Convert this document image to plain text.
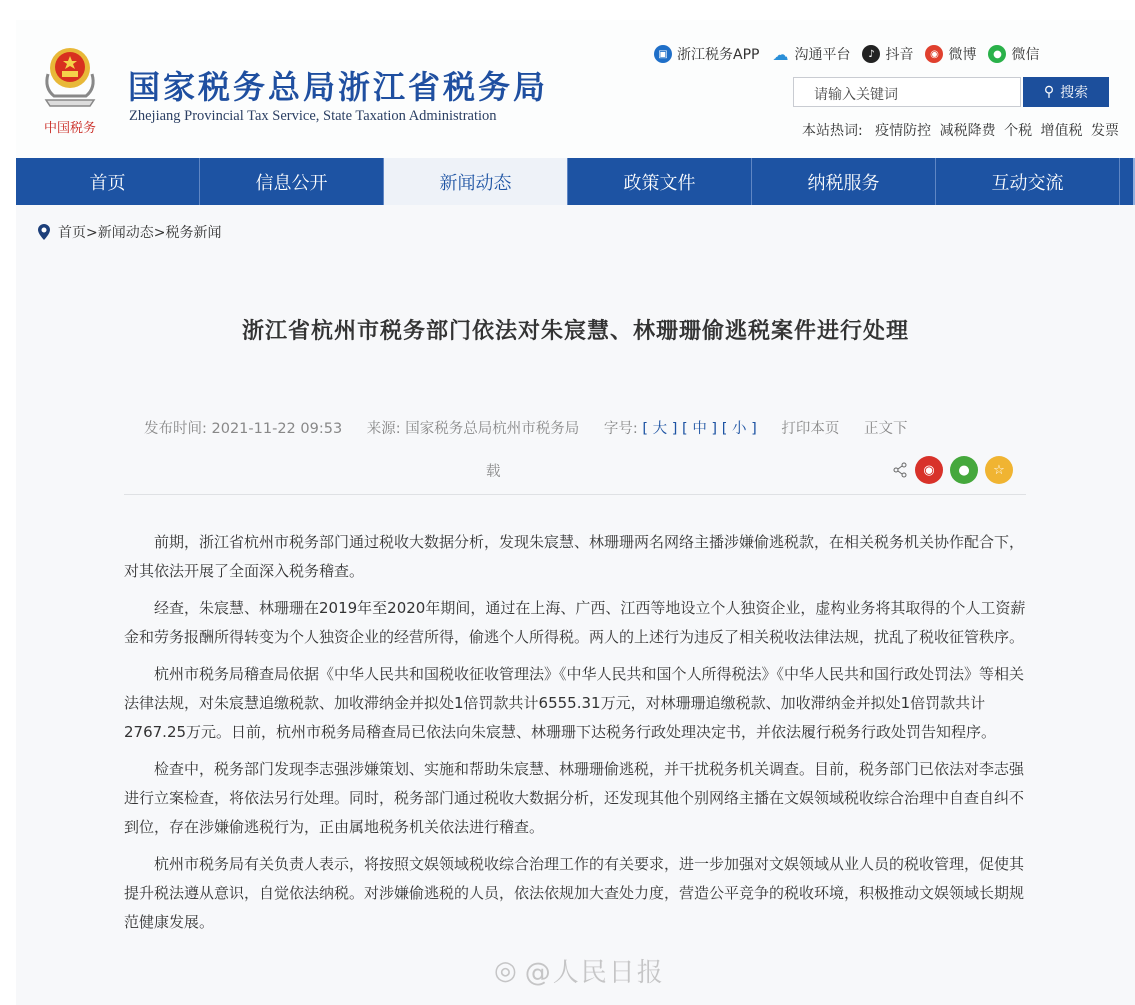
中国税务
国家税务总局浙江省税务局
Zhejiang Provincial Tax Service, State Taxation Administration
▣ 浙江税务APP ☁ 沟通平台	♪ 抖音	◉ 微博	● 微信
请输入关键词	⚲ 搜索
本站热词: 疫情防控 减税降费 个税 增值税 发票
首页	信息公开	新闻动态	政策文件	纳税服务	互动交流
首页>新闻动态>税务新闻
浙江省杭州市税务部门依法对朱宸慧、林珊珊偷逃税案件进行处理
发布时间: 2021-11-22 09:53 来源: 国家税务总局杭州市税务局 字号: [ 大 ] [ 中 ] [ 小 ] 打印本页 正文下
载	◉	●	☆

前期，浙江省杭州市税务部门通过税收大数据分析，发现朱宸慧、林珊珊两名网络主播涉嫌偷逃税款，在相关税务机关协作配合下，对其依法开展了全面深入税务稽查。

经查，朱宸慧、林珊珊在2019年至2020年期间，通过在上海、广西、江西等地设立个人独资企业，虚构业务将其取得的个人工资薪金和劳务报酬所得转变为个人独资企业的经营所得，偷逃个人所得税。两人的上述行为违反了相关税收法律法规，扰乱了税收征管秩序。

杭州市税务局稽查局依据《中华人民共和国税收征收管理法》《中华人民共和国个人所得税法》《中华人民共和国行政处罚法》等相关法律法规，对朱宸慧追缴税款、加收滞纳金并拟处1倍罚款共计6555.31万元，对林珊珊追缴税款、加收滞纳金并拟处1倍罚款共计2767.25万元。日前，杭州市税务局稽查局已依法向朱宸慧、林珊珊下达税务行政处理决定书，并依法履行税务行政处罚告知程序。

检查中，税务部门发现李志强涉嫌策划、实施和帮助朱宸慧、林珊珊偷逃税，并干扰税务机关调查。目前，税务部门已依法对李志强进行立案检查，将依法另行处理。同时，税务部门通过税收大数据分析，还发现其他个别网络主播在文娱领域税收综合治理中自查自纠不到位，存在涉嫌偷逃税行为，正由属地税务机关依法进行稽查。

杭州市税务局有关负责人表示，将按照文娱领域税收综合治理工作的有关要求，进一步加强对文娱领域从业人员的税收管理，促使其提升税法遵从意识，自觉依法纳税。对涉嫌偷逃税的人员，依法依规加大查处力度，营造公平竞争的税收环境，积极推动文娱领域长期规范健康发展。

◎ @人民日报
